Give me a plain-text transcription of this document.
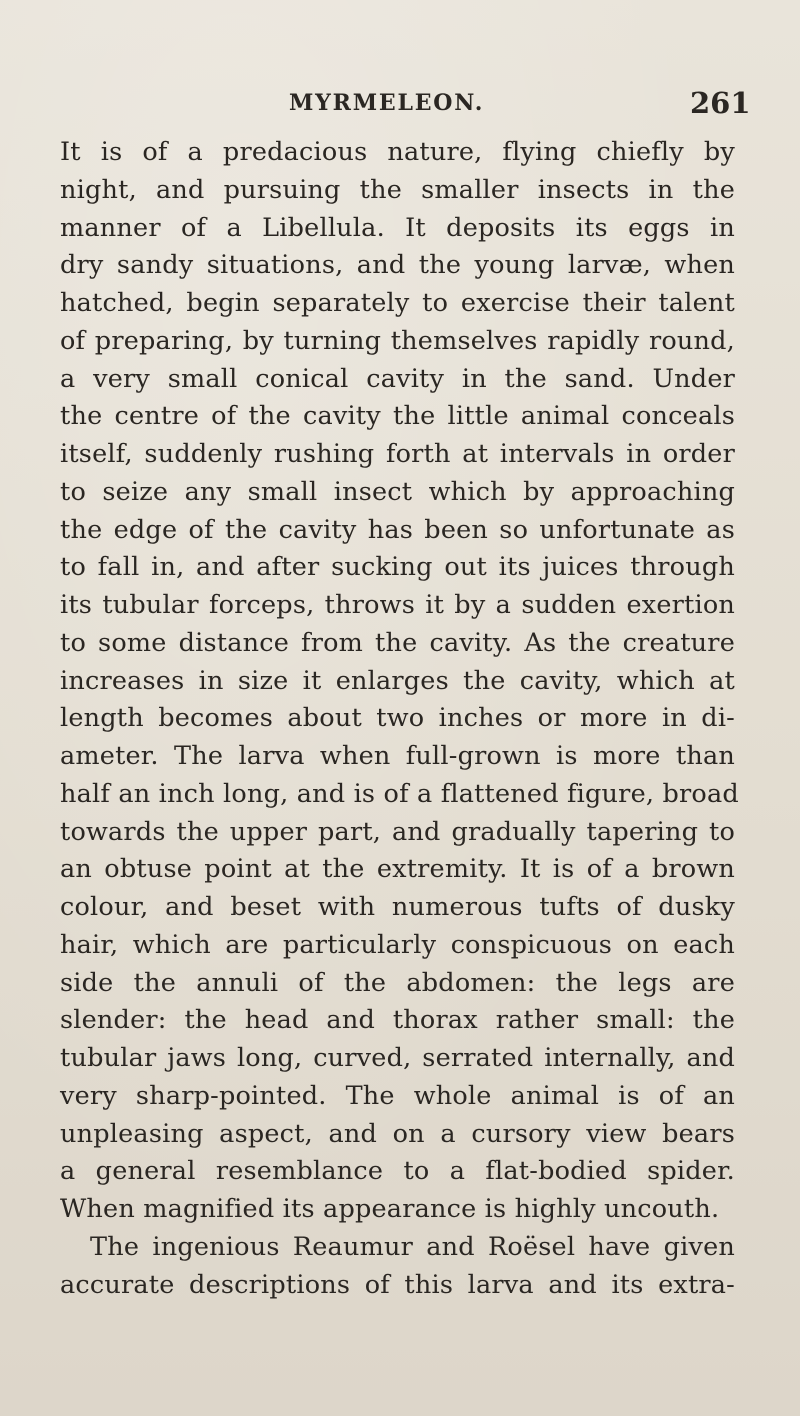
MYRMELEON.	261
It is of a predacious nature, flying chiefly by
night, and pursuing the smaller insects in the
manner of a Libellula. It deposits its eggs in
dry sandy situations, and the young larvæ, when
hatched, begin separately to exercise their talent
of preparing, by turning themselves rapidly round,
a very small conical cavity in the sand. Under
the centre of the cavity the little animal conceals
itself, suddenly rushing forth at intervals in order
to seize any small insect which by approaching
the edge of the cavity has been so unfortunate as
to fall in, and after sucking out its juices through
its tubular forceps, throws it by a sudden exertion
to some distance from the cavity. As the creature
increases in size it enlarges the cavity, which at
length becomes about two inches or more in di-
ameter. The larva when full-grown is more than
half an inch long, and is of a flattened figure, broad
towards the upper part, and gradually tapering to
an obtuse point at the extremity. It is of a brown
colour, and beset with numerous tufts of dusky
hair, which are particularly conspicuous on each
side the annuli of the abdomen: the legs are
slender: the head and thorax rather small: the
tubular jaws long, curved, serrated internally, and
very sharp-pointed. The whole animal is of an
unpleasing aspect, and on a cursory view bears
a general resemblance to a flat-bodied spider.
When magnified its appearance is highly uncouth.
The ingenious Reaumur and Roësel have given
accurate descriptions of this larva and its extra-
